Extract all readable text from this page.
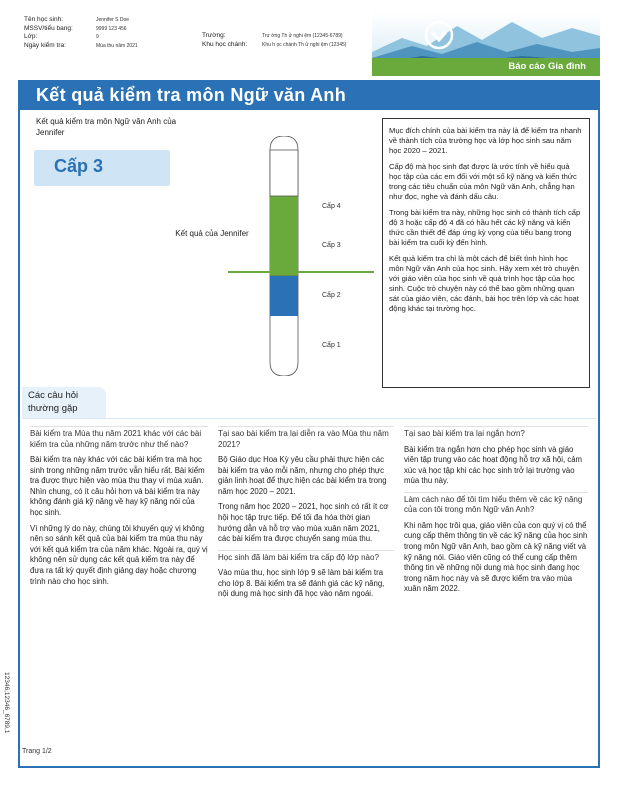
Tên học sinh:	Jennifer S Doe
MSSV/tiểu bang:	9999 123 456
Lớp:	9
Ngày kiểm tra:	Mùa thu năm 2021
Trường:	Trư ờng Th ử nghi ệm (12345-6789)
Khu học chánh:	Khu h ọc chánh Th ử nghi ệm (12345)
Báo cáo Gia đình
Kết quả kiểm tra môn Ngữ văn Anh
Kết quả kiểm tra môn Ngữ văn Anh của Jennifer
Cấp 3
Kết quả của Jennifer
Cấp 4
Cấp 3
Cấp 2
Cấp 1

Mục đích chính của bài kiểm tra này là để kiểm tra nhanh về thành tích của trường học và lớp học sinh sau năm học 2020 – 2021.

Cấp độ mà học sinh đạt được là ước tính về hiểu quả học tập của các em đối với một số kỹ năng và kiến thức trong các tiêu chuẩn của môn Ngữ văn Anh, chẳng hạn như đọc, nghe và đánh dấu câu.

Trong bài kiểm tra này, những học sinh có thành tích cấp độ 3 hoặc cấp độ 4 đã có hầu hết các kỹ năng và kiến thức cần thiết để đáp ứng kỳ vọng của tiểu bang trong bài kiểm tra cuối kỳ đến hình.

Kết quả kiểm tra chỉ là một cách để biết tình hình học môn Ngữ văn Anh của học sinh. Hãy xem xét trò chuyện với giáo viên của học sinh về quá trình học tập của học sinh. Cuộc trò chuyện này có thể bao gồm những quan sát của giáo viên, các đánh, bài học trên lớp và các hoạt động khác tại trường học.

Các câu hỏi thường gặp
Bài kiểm tra Mùa thu năm 2021 khác với các bài kiểm tra của những năm trước như thế nào?

Bài kiểm tra này khác với các bài kiểm tra mà học sinh trong những năm trước vẫn hiểu rất. Bài kiểm tra được thực hiện vào mùa thu thay vì mùa xuân. Nhìn chung, có ít câu hỏi hơn và bài kiểm tra này không đánh giá kỹ năng về hay kỹ năng nói của học sinh.

Vì những lý do này, chúng tôi khuyến quý vị không nên so sánh kết quả của bài kiểm tra mùa thu này với kết quả kiểm tra của năm khác. Ngoài ra, quý vị không nên sử dụng các kết quả kiểm tra này để đưa ra tất kỳ quyết định giảng dạy hoặc chương trình nào cho học sinh.

Tại sao bài kiểm tra lại diễn ra vào Mùa thu năm 2021?

Bộ Giáo dục Hoa Kỳ yêu cầu phải thực hiện các bài kiểm tra vào mỗi năm, nhưng cho phép thực giản linh hoạt để thực hiện các bài kiểm tra trong năm học 2020 – 2021.

Trong năm học 2020 – 2021, học sinh có rất ít cơ hội học tập trực tiếp. Để tối đa hóa thời gian hướng dẫn và hỗ trợ vào mùa xuân năm 2021, các bài kiểm tra được chuyển sang mùa thu.

Học sinh đã làm bài kiểm tra cấp độ lớp nào?

Vào mùa thu, học sinh lớp 9 sẽ làm bài kiểm tra cho lớp 8. Bài kiểm tra sẽ đánh giá các kỹ năng, nội dung mà học sinh đã học vào năm ngoái.

Tại sao bài kiểm tra lại ngắn hơn?

Bài kiểm tra ngắn hơn cho phép học sinh và giáo viên tập trung vào các hoạt động hỗ trợ xã hội, cảm xúc và học tập khi các học sinh trở lại trường vào mùa thu này.

Làm cách nào để tôi tìm hiểu thêm về các kỹ năng của con tôi trong môn Ngữ văn Anh?

Khi năm học trôi qua, giáo viên của con quý vị có thể cung cấp thêm thông tin về các kỹ năng của học sinh trong môn Ngữ văn Anh, bao gồm cả kỹ năng viết và kỹ năng nói. Giáo viên cũng có thể cung cấp thêm thông tin về những nội dung mà học sinh đang học trong năm học này và sẽ được kiểm tra vào mùa xuân năm 2022.

Trang 1/2
12346,12346_6789,1
